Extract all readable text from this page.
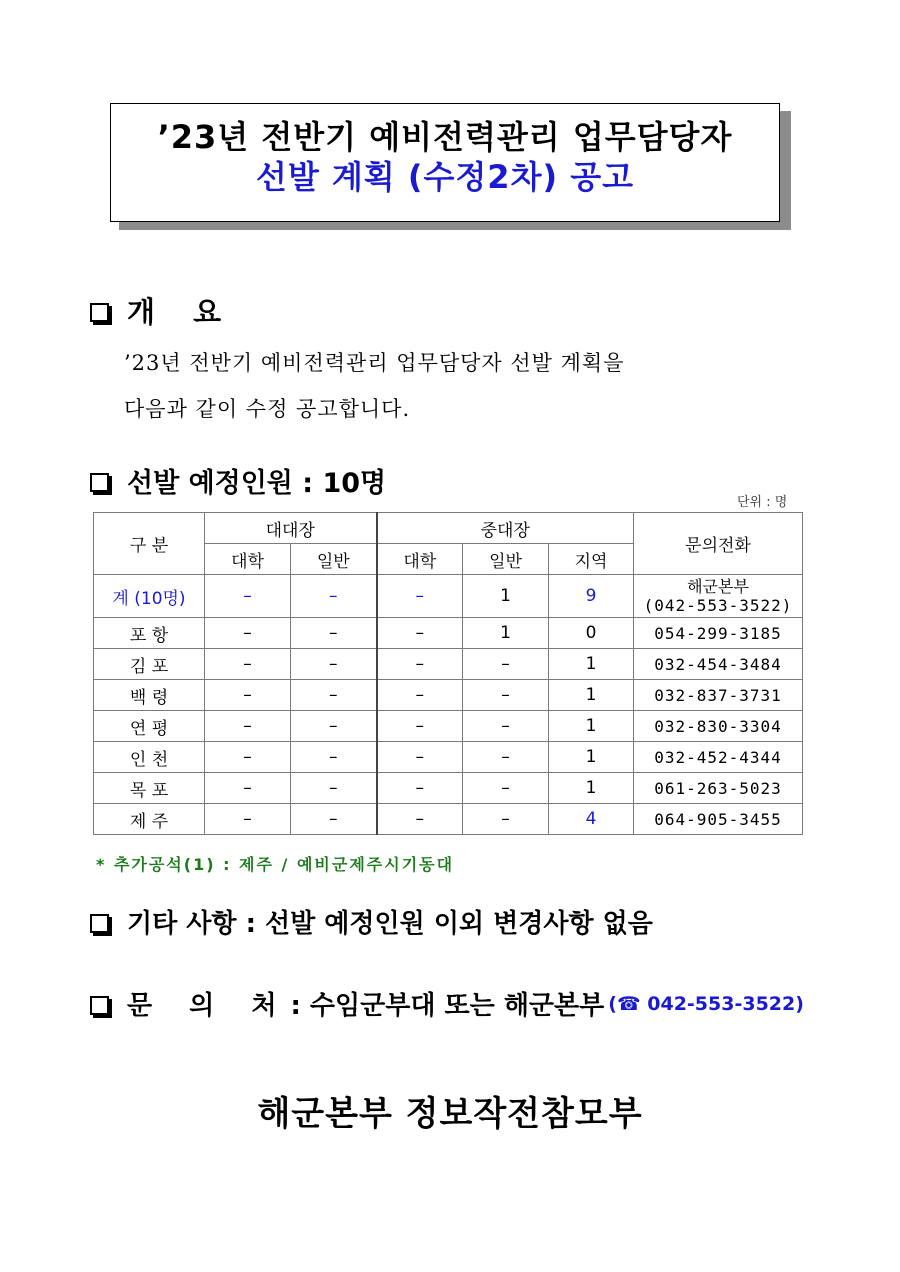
’23년 전반기 예비전력관리 업무담당자
선발 계획 (수정2차) 공고
개 요
’23년 전반기 예비전력관리 업무담당자 선발 계획을
다음과 같이 수정 공고합니다.
선발 예정인원 : 10명
단위 : 명
구 분	대대장		중대장			문의전화
	대학	일반	대학	일반	지역	
계 (10명)	–	–	–	1	9	해군본부
(042-553-3522)

포 항	–	–	–	1	0	054-299-3185
김 포	–	–	–	–	1	032-454-3484
백 령	–	–	–	–	1	032-837-3731
연 평	–	–	–	–	1	032-830-3304
인 천	–	–	–	–	1	032-452-4344
목 포	–	–	–	–	1	061-263-5023
제 주	–	–	–	–	4	064-905-3455
* 추가공석(1) : 제주 / 예비군제주시기동대
기타 사항 : 선발 예정인원 이외 변경사항 없음
문 의 처 : 수임군부대 또는 해군본부 (☎ 042-553-3522)
해군본부 정보작전참모부
